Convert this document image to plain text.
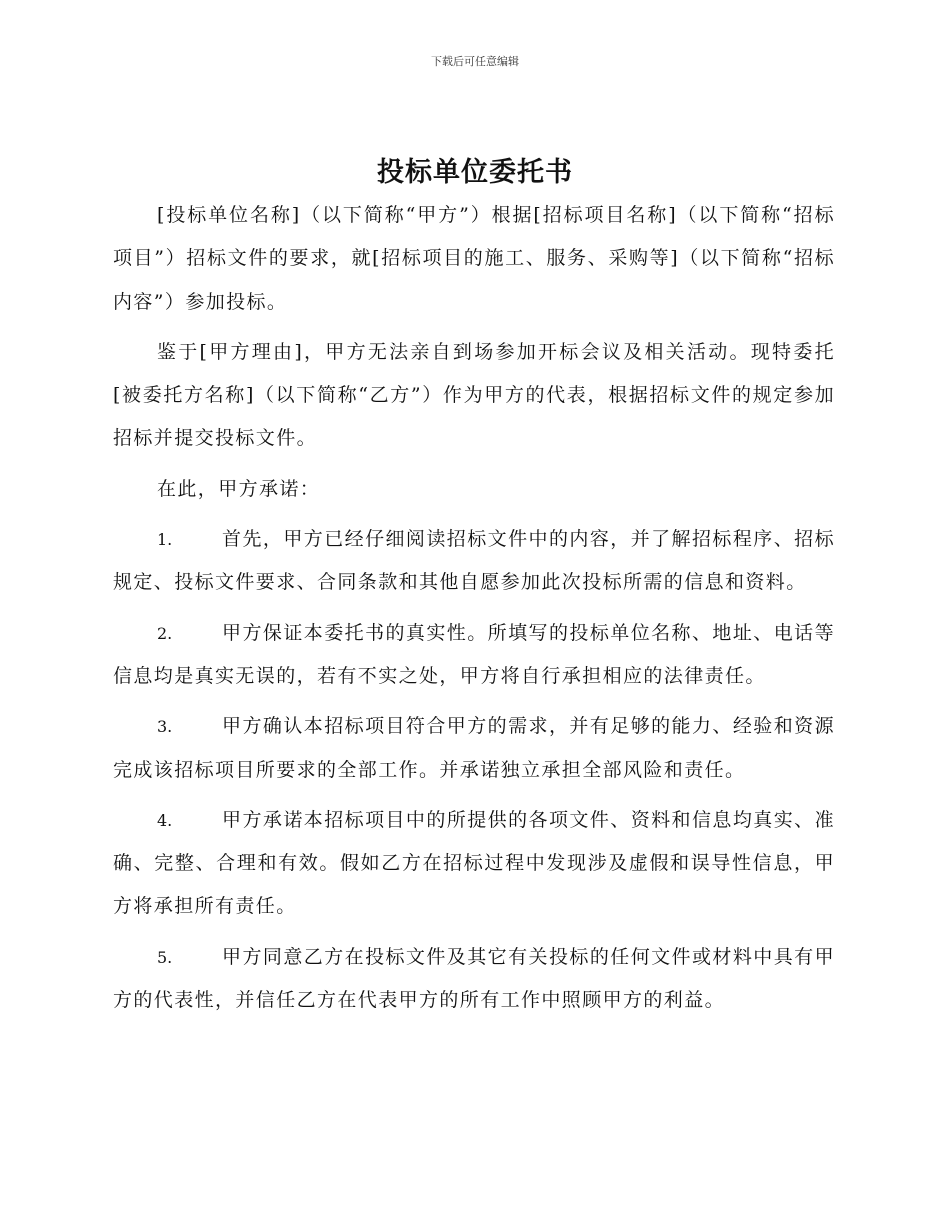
下载后可任意编辑
投标单位委托书

[投标单位名称]（以下简称“甲方”）根据[招标项目名称]（以下简称“招标项目”）招标文件的要求，就[招标项目的施工、服务、采购等]（以下简称“招标内容”）参加投标。

鉴于[甲方理由]，甲方无法亲自到场参加开标会议及相关活动。现特委托[被委托方名称]（以下简称“乙方”）作为甲方的代表，根据招标文件的规定参加招标并提交投标文件。

在此，甲方承诺：

1.	首先，甲方已经仔细阅读招标文件中的内容，并了解招标程序、招标规定、投标文件要求、合同条款和其他自愿参加此次投标所需的信息和资料。

2.	甲方保证本委托书的真实性。所填写的投标单位名称、地址、电话等信息均是真实无误的，若有不实之处，甲方将自行承担相应的法律责任。

3.	甲方确认本招标项目符合甲方的需求，并有足够的能力、经验和资源完成该招标项目所要求的全部工作。并承诺独立承担全部风险和责任。

4.	甲方承诺本招标项目中的所提供的各项文件、资料和信息均真实、准确、完整、合理和有效。假如乙方在招标过程中发现涉及虚假和误导性信息，甲方将承担所有责任。

5.	甲方同意乙方在投标文件及其它有关投标的任何文件或材料中具有甲方的代表性，并信任乙方在代表甲方的所有工作中照顾甲方的利益。
